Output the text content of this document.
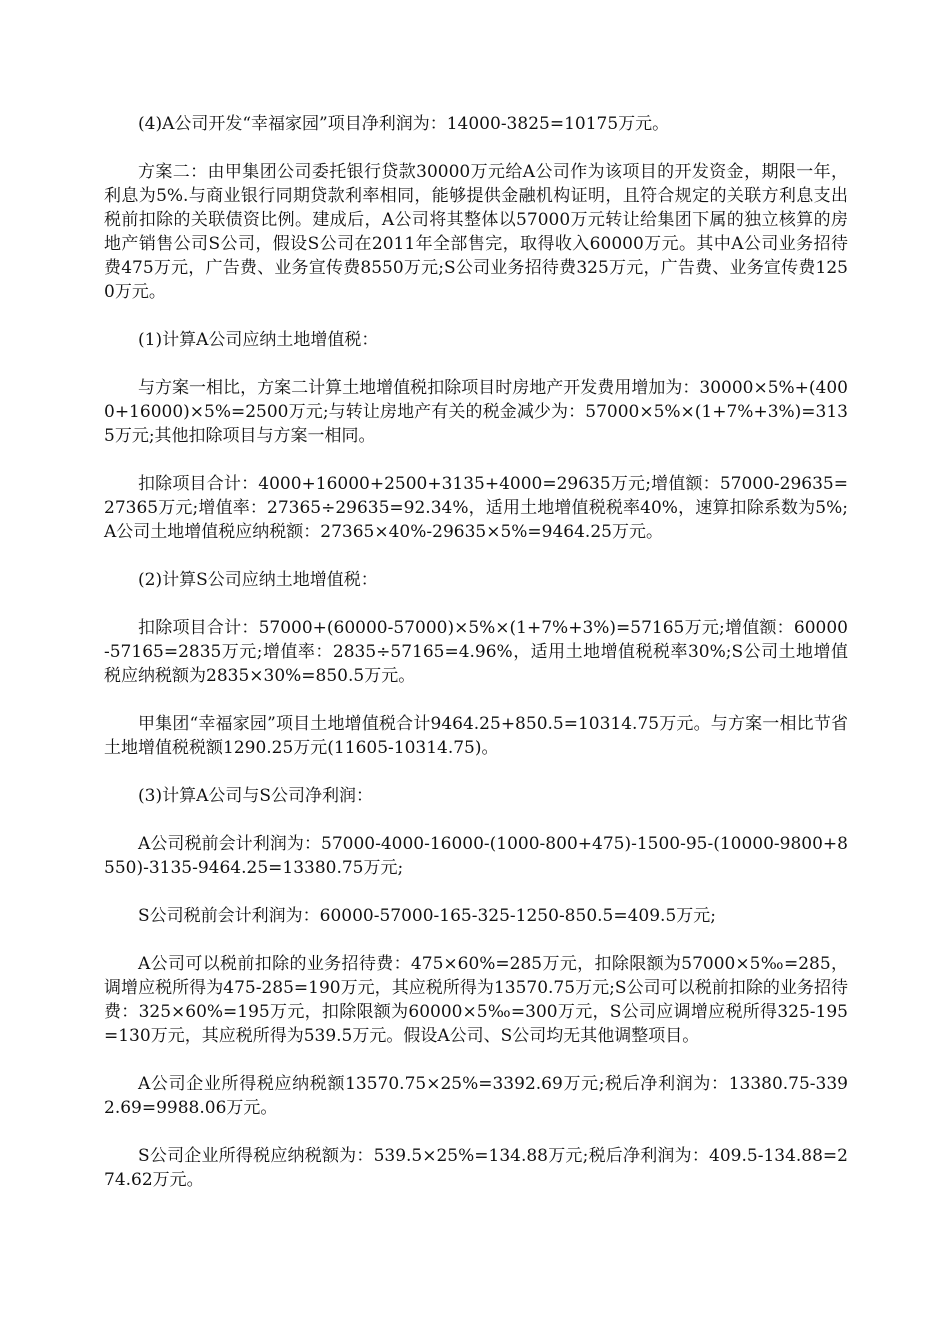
(4)A公司开发“幸福家园”项目净利润为：14000-3825=10175万元。

方案二：由甲集团公司委托银行贷款30000万元给A公司作为该项目的开发资金，期限一年，利息为5%.与商业银行同期贷款利率相同，能够提供金融机构证明，且符合规定的关联方利息支出税前扣除的关联债资比例。建成后，A公司将其整体以57000万元转让给集团下属的独立核算的房地产销售公司S公司，假设S公司在2011年全部售完，取得收入60000万元。其中A公司业务招待费475万元，广告费、业务宣传费8550万元;S公司业务招待费325万元，广告费、业务宣传费1250万元。

(1)计算A公司应纳土地增值税：

与方案一相比，方案二计算土地增值税扣除项目时房地产开发费用增加为：30000×5%+(4000+16000)×5%=2500万元;与转让房地产有关的税金减少为：57000×5%×(1+7%+3%)=3135万元;其他扣除项目与方案一相同。

扣除项目合计：4000+16000+2500+3135+4000=29635万元;增值额：57000-29635=27365万元;增值率：27365÷29635=92.34%，适用土地增值税税率40%，速算扣除系数为5%;A公司土地增值税应纳税额：27365×40%-29635×5%=9464.25万元。

(2)计算S公司应纳土地增值税：

扣除项目合计：57000+(60000-57000)×5%×(1+7%+3%)=57165万元;增值额：60000-57165=2835万元;增值率：2835÷57165=4.96%，适用土地增值税税率30%;S公司土地增值税应纳税额为2835×30%=850.5万元。

甲集团“幸福家园”项目土地增值税合计9464.25+850.5=10314.75万元。与方案一相比节省土地增值税税额1290.25万元(11605-10314.75)。

(3)计算A公司与S公司净利润：

A公司税前会计利润为：57000-4000-16000-(1000-800+475)-1500-95-(10000-9800+8550)-3135-9464.25=13380.75万元;

S公司税前会计利润为：60000-57000-165-325-1250-850.5=409.5万元;

A公司可以税前扣除的业务招待费：475×60%=285万元，扣除限额为57000×5‰=285，调增应税所得为475-285=190万元，其应税所得为13570.75万元;S公司可以税前扣除的业务招待费：325×60%=195万元，扣除限额为60000×5‰=300万元，S公司应调增应税所得325-195=130万元，其应税所得为539.5万元。假设A公司、S公司均无其他调整项目。

A公司企业所得税应纳税额13570.75×25%=3392.69万元;税后净利润为：13380.75-3392.69=9988.06万元。

S公司企业所得税应纳税额为：539.5×25%=134.88万元;税后净利润为：409.5-134.88=274.62万元。
